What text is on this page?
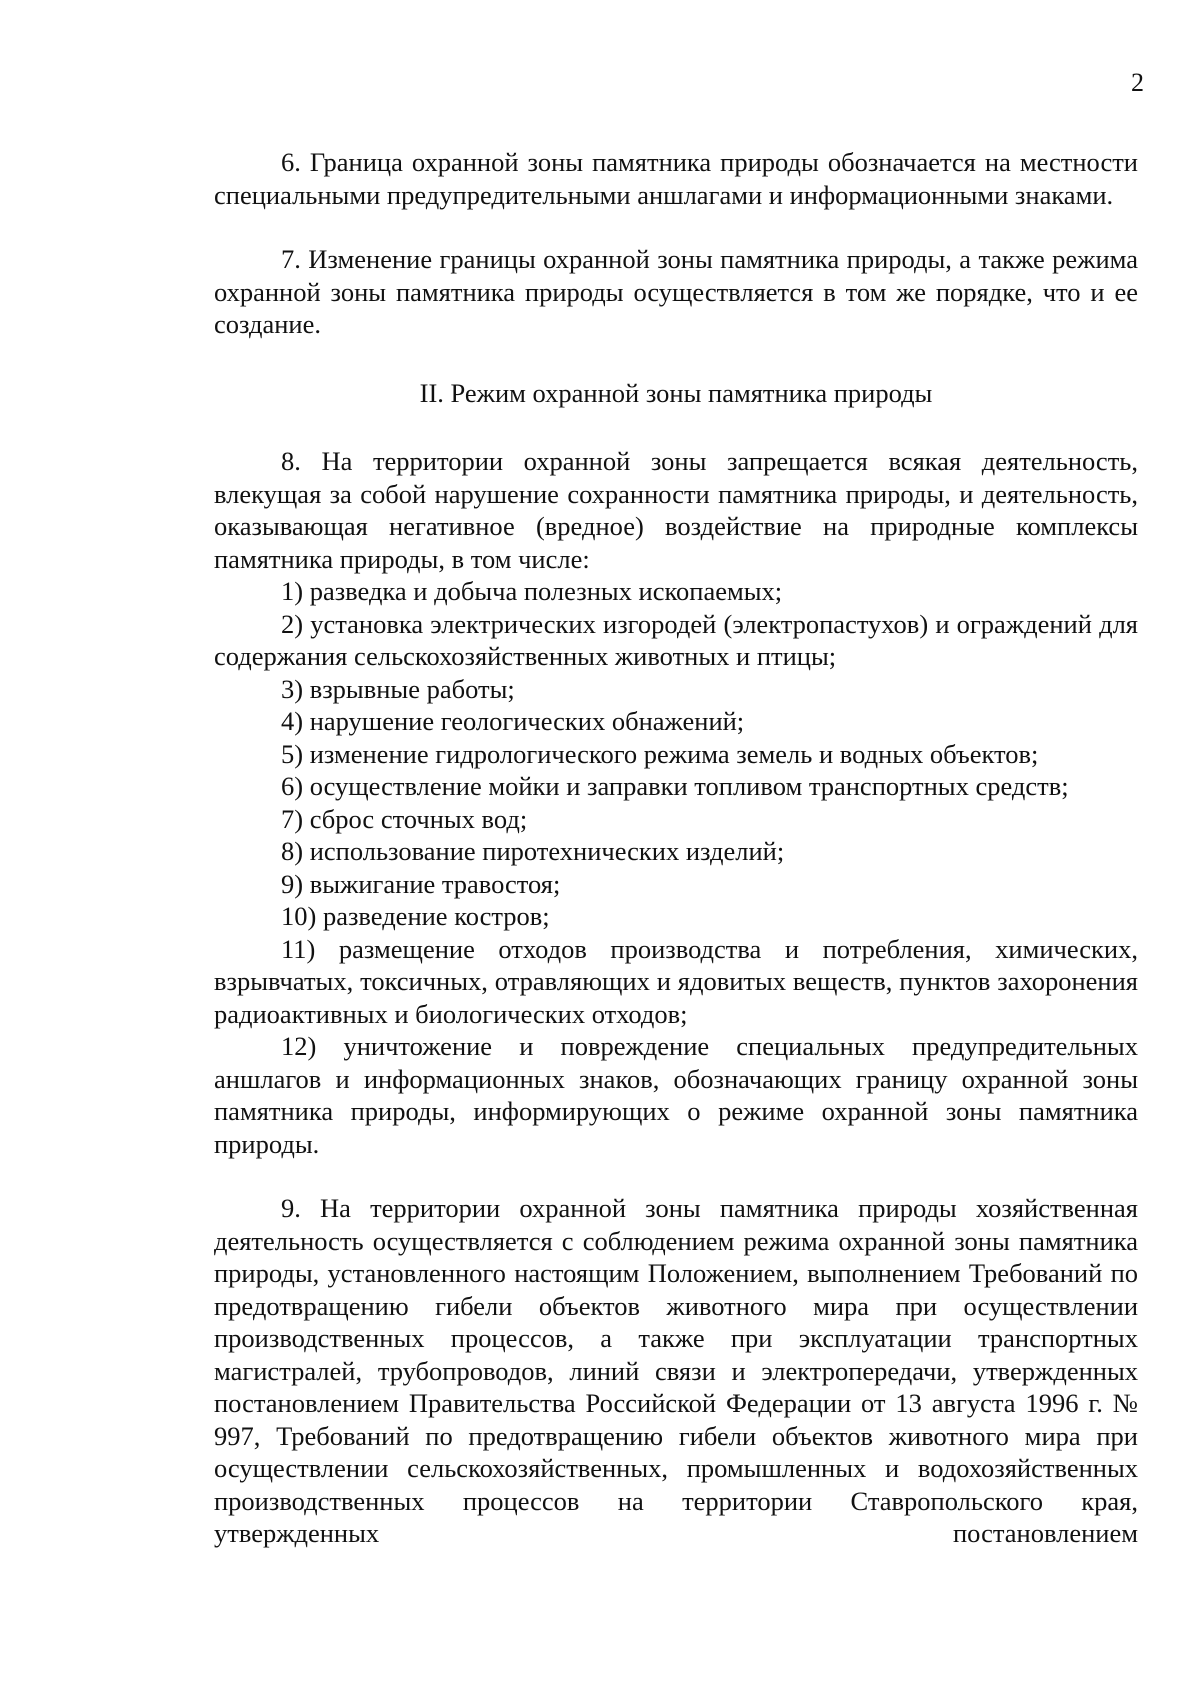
2

6. Граница охранной зоны памятника природы обозначается на местности специальными предупредительными аншлагами и информационными знаками.

7. Изменение границы охранной зоны памятника природы, а также режима охранной зоны памятника природы осуществляется в том же порядке, что и ее создание.

II. Режим охранной зоны памятника природы

8. На территории охранной зоны запрещается всякая деятельность, влекущая за собой нарушение сохранности памятника природы, и деятельность, оказывающая негативное (вредное) воздействие на природные комплексы памятника природы, в том числе:

1) разведка и добыча полезных ископаемых;

2) установка электрических изгородей (электропастухов) и ограждений для содержания сельскохозяйственных животных и птицы;

3) взрывные работы;

4) нарушение геологических обнажений;

5) изменение гидрологического режима земель и водных объектов;

6) осуществление мойки и заправки топливом транспортных средств;

7) сброс сточных вод;

8) использование пиротехнических изделий;

9) выжигание травостоя;

10) разведение костров;

11) размещение отходов производства и потребления, химических, взрывчатых, токсичных, отравляющих и ядовитых веществ, пунктов захоронения радиоактивных и биологических отходов;

12) уничтожение и повреждение специальных предупредительных аншлагов и информационных знаков, обозначающих границу охранной зоны памятника природы, информирующих о режиме охранной зоны памятника природы.

9. На территории охранной зоны памятника природы хозяйственная деятельность осуществляется с соблюдением режима охранной зоны памятника природы, установленного настоящим Положением, выполнением Требований по предотвращению гибели объектов животного мира при осуществлении производственных процессов, а также при эксплуатации транспортных магистралей, трубопроводов, линий связи и электропередачи, утвержденных постановлением Правительства Российской Федерации от 13 августа 1996 г. № 997, Требований по предотвращению гибели объектов животного мира при осуществлении сельскохозяйственных, промышленных и водохозяйственных производственных процессов на территории Ставропольского края, утвержденных постановлением
